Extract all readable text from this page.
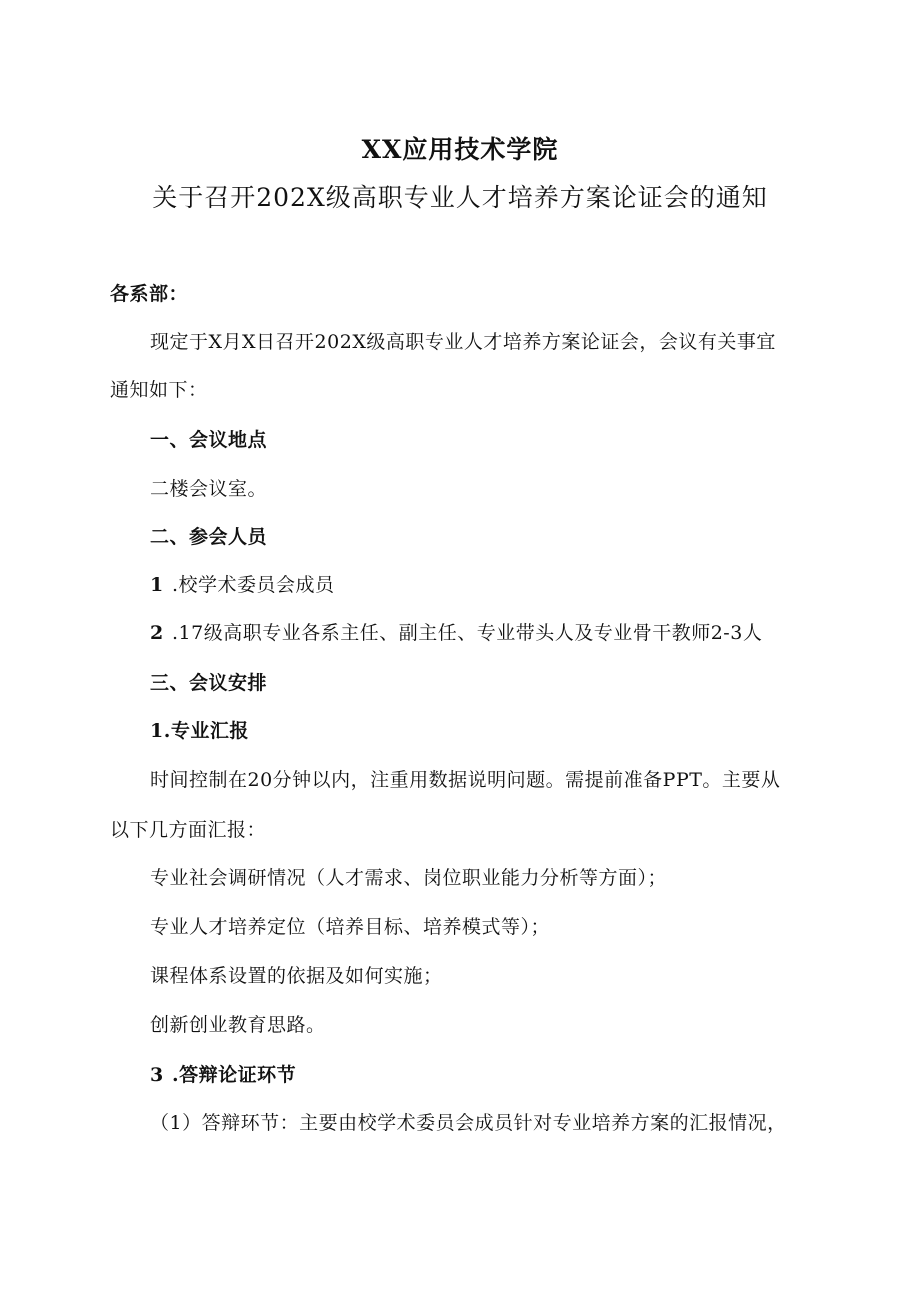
XX应用技术学院
关于召开202X级高职专业人才培养方案论证会的通知
各系部：
现定于X月X日召开202X级高职专业人才培养方案论证会，会议有关事宜
通知如下：
一、会议地点
二楼会议室。
二、参会人员
1 .校学术委员会成员
2 .17级高职专业各系主任、副主任、专业带头人及专业骨干教师2-3人
三、会议安排
1.专业汇报
时间控制在20分钟以内，注重用数据说明问题。需提前准备PPT。主要从
以下几方面汇报：
专业社会调研情况（人才需求、岗位职业能力分析等方面）；
专业人才培养定位（培养目标、培养模式等）；
课程体系设置的依据及如何实施；
创新创业教育思路。
3 .答辩论证环节
（1）答辩环节：主要由校学术委员会成员针对专业培养方案的汇报情况，
